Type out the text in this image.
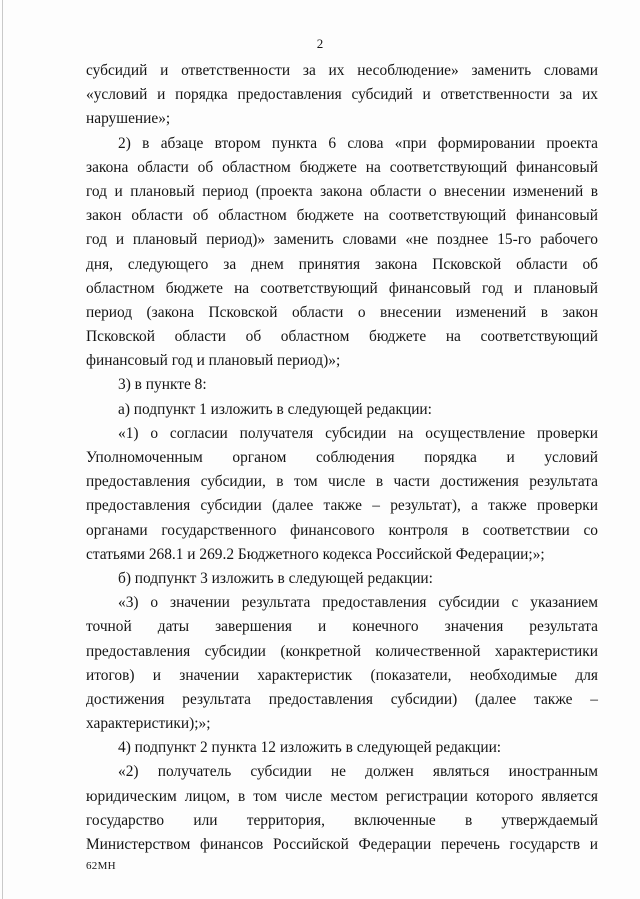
2
субсидий и ответственности за их несоблюдение» заменить словами
«условий и порядка предоставления субсидий и ответственности за их
нарушение»;
2) в абзаце втором пункта 6 слова «при формировании проекта
закона области об областном бюджете на соответствующий финансовый
год и плановый период (проекта закона области о внесении изменений в
закон области об областном бюджете на соответствующий финансовый
год и плановый период)» заменить словами «не позднее 15-го рабочего
дня, следующего за днем принятия закона Псковской области об
областном бюджете на соответствующий финансовый год и плановый
период (закона Псковской области о внесении изменений в закон
Псковской области об областном бюджете на соответствующий
финансовый год и плановый период)»;
3) в пункте 8:
а) подпункт 1 изложить в следующей редакции:
«1) о согласии получателя субсидии на осуществление проверки
Уполномоченным органом соблюдения порядка и условий
предоставления субсидии, в том числе в части достижения результата
предоставления субсидии (далее также – результат), а также проверки
органами государственного финансового контроля в соответствии со
статьями 268.1 и 269.2 Бюджетного кодекса Российской Федерации;»;
б) подпункт 3 изложить в следующей редакции:
«3) о значении результата предоставления субсидии с указанием
точной даты завершения и конечного значения результата
предоставления субсидии (конкретной количественной характеристики
итогов) и значении характеристик (показатели, необходимые для
достижения результата предоставления субсидии) (далее также –
характеристики);»;
4) подпункт 2 пункта 12 изложить в следующей редакции:
«2) получатель субсидии не должен являться иностранным
юридическим лицом, в том числе местом регистрации которого является
государство или территория, включенные в утверждаемый
Министерством финансов Российской Федерации перечень государств и
62МН
